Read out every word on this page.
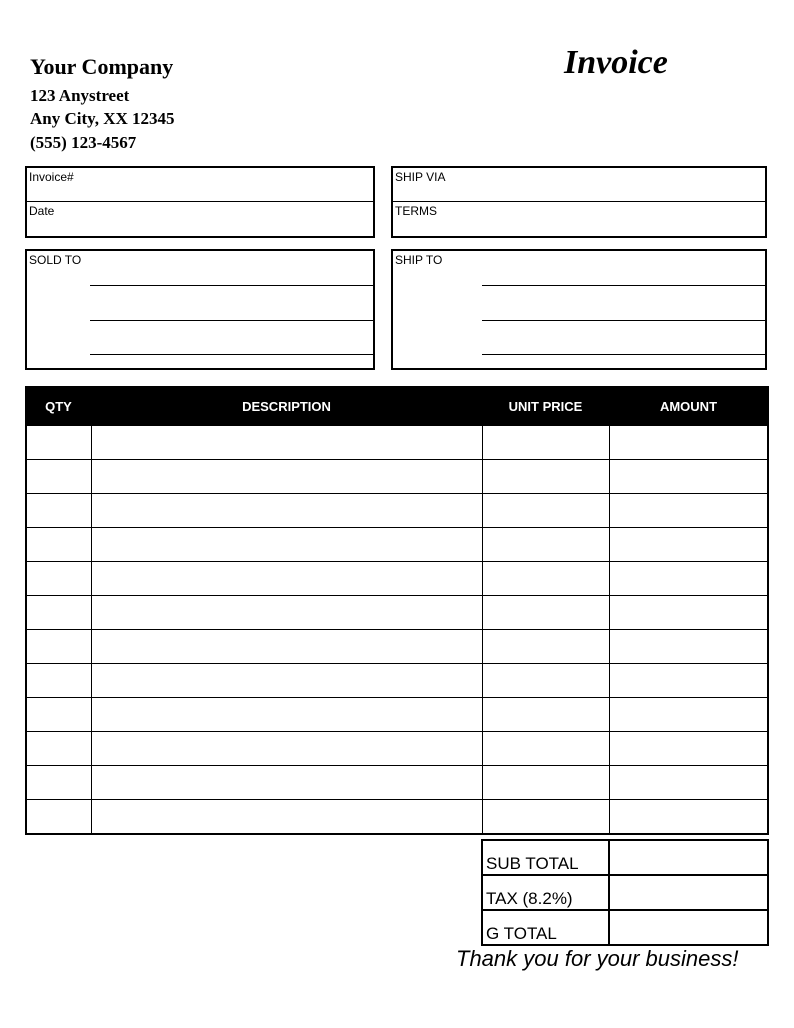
Your Company
123 Anystreet
Any City, XX 12345
(555) 123-4567
Invoice
Invoice#
Date
SHIP VIA
TERMS
SOLD TO	SHIP TO
QTY	DESCRIPTION	UNIT PRICE	AMOUNT

SUB TOTAL	
TAX (8.2%)	
G TOTAL	
Thank you for your business!
